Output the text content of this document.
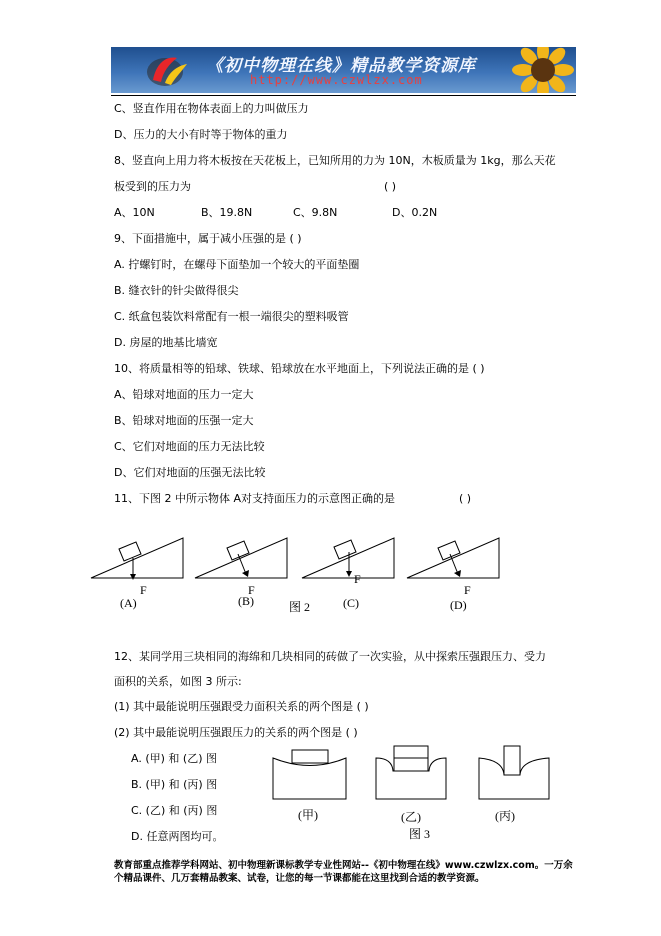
《初中物理在线》精品教学资源库
http://www.czwlzx.com
C、竖直作用在物体表面上的力叫做压力
D、压力的大小有时等于物体的重力
8、竖直向上用力将木板按在天花板上，已知所用的力为 10N，木板质量为 1kg，那么天花
板受到的压力为	( )
A、10N	B、19.8N	C、9.8N	D、0.2N
9、下面措施中，属于减小压强的是 ( )
A. 拧螺钉时，在螺母下面垫加一个较大的平面垫圈
B. 缝衣针的针尖做得很尖
C. 纸盒包装饮料常配有一根一端很尖的塑料吸管
D. 房屋的地基比墙宽
10、将质量相等的铅球、铁球、铅球放在水平地面上，下列说法正确的是 ( )
A、铅球对地面的压力一定大
B、铅球对地面的压强一定大
C、它们对地面的压力无法比较
D、它们对地面的压强无法比较
11、下图 2 中所示物体 A对支持面压力的示意图正确的是	( )
F	F
F
F
(A)	(B)	图 2	(C)	(D)
12、某同学用三块相同的海绵和几块相同的砖做了一次实验，从中探索压强跟压力、受力
面积的关系，如图 3 所示:
(1) 其中最能说明压强跟受力面积关系的两个图是 ( )
(2) 其中最能说明压强跟压力的关系的两个图是 ( )
A. (甲) 和 (乙) 图
B. (甲) 和 (丙) 图
C. (乙) 和 (丙) 图
D. 任意两图均可。
(甲)	(乙)	(丙)
图 3
教育部重点推荐学科网站、初中物理新课标教学专业性网站--《初中物理在线》www.czwlzx.com。一万余
个精品课件、几万套精品教案、试卷，让您的每一节课都能在这里找到合适的教学资源。
